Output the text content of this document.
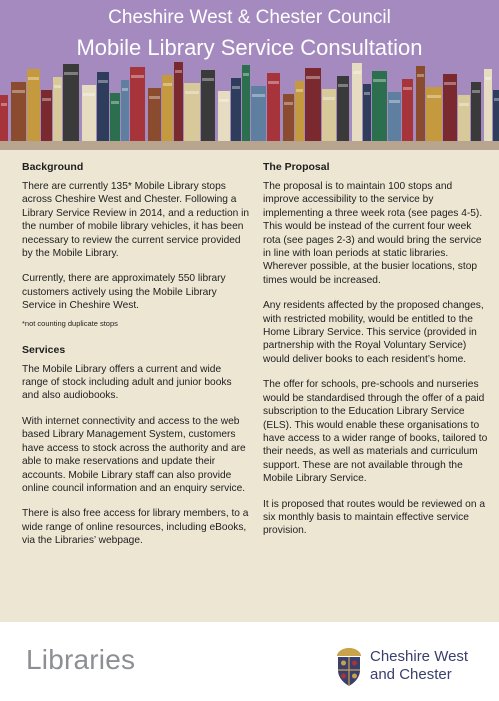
Cheshire West & Chester Council
Mobile Library Service Consultation
Background

There are currently 135* Mobile Library stops across Cheshire West and Chester. Following a Library Service Review in 2014, and a reduction in the number of mobile library vehicles, it has been necessary to review the current service provided by the Mobile Library.

Currently, there are approximately 550 library customers actively using the Mobile Library Service in Cheshire West.

*not counting duplicate stops

Services

The Mobile Library offers a current and wide range of stock including adult and junior books and also audiobooks.

With internet connectivity and access to the web based Library Management System, customers have access to stock across the authority and are able to make reservations and update their accounts. Mobile Library staff can also provide online council information and an enquiry service.

There is also free access for library members, to a wide range of online resources, including eBooks, via the Libraries’ webpage.

The Proposal

The proposal is to maintain 100 stops and improve accessibility to the service by implementing a three week rota (see pages 4-5). This would be instead of the current four week rota (see pages 2-3) and would bring the service in line with loan periods at static libraries. Wherever possible, at the busier locations, stop times would be increased.

Any residents affected by the proposed changes, with restricted mobility, would be entitled to the Home Library Service. This service (provided in partnership with the Royal Voluntary Service) would deliver books to each resident’s home.

The offer for schools, pre-schools and nurseries would be standardised through the offer of a paid subscription to the Education Library Service (ELS). This would enable these organisations to have access to a wider range of books, tailored to their needs, as well as materials and curriculum support. These are not available through the Mobile Library Service.

It is proposed that routes would be reviewed on a six monthly basis to maintain effective service provision.

Libraries	Cheshire West
and Chester
